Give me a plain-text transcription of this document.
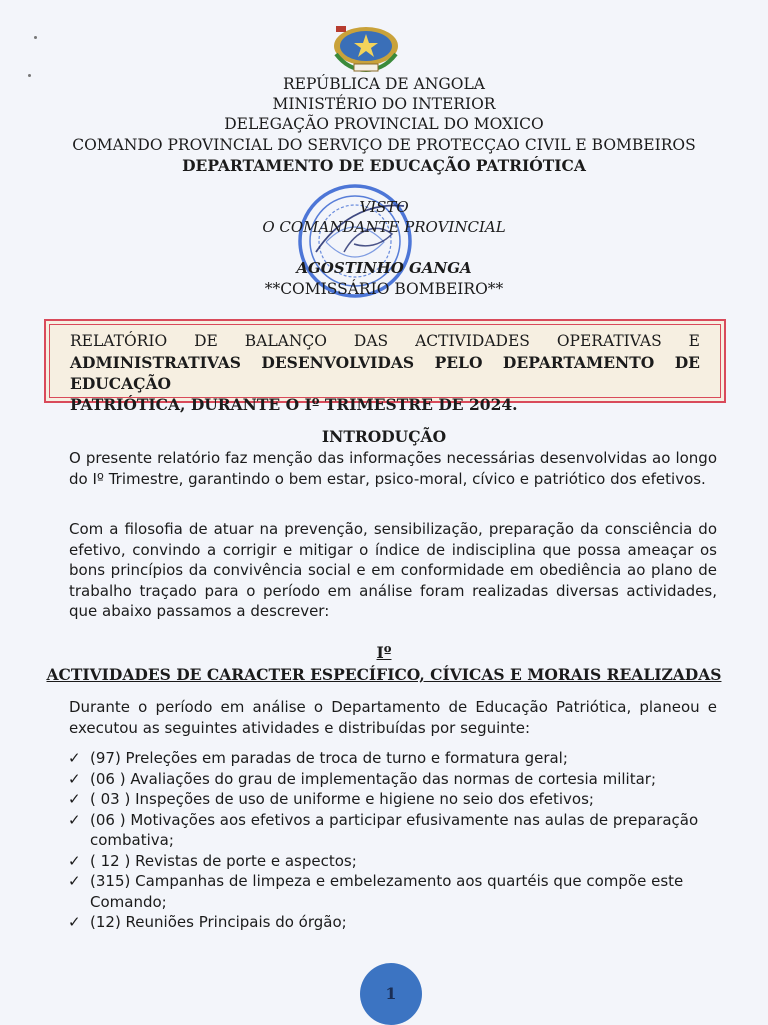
REPÚBLICA DE ANGOLA
MINISTÉRIO DO INTERIOR
DELEGAÇÃO PROVINCIAL DO MOXICO
COMANDO PROVINCIAL DO SERVIÇO DE PROTECÇAO CIVIL E BOMBEIROS
DEPARTAMENTO DE EDUCAÇÃO PATRIÓTICA
VISTO
O COMANDANTE PROVINCIAL
AGOSTINHO GANGA
**COMISSÁRIO BOMBEIRO**
RELATÓRIO DE BALANÇO DAS ACTIVIDADES OPERATIVAS E
ADMINISTRATIVAS DESENVOLVIDAS PELO DEPARTAMENTO DE EDUCAÇÃO
PATRIÓTICA, DURANTE O Iº TRIMESTRE DE 2024.
INTRODUÇÃO
O presente relatório faz menção das informações necessárias desenvolvidas ao longo do Iº Trimestre, garantindo o bem estar, psico-moral, cívico e patriótico dos efetivos.
Com a filosofia de atuar na prevenção, sensibilização, preparação da consciência do efetivo, convindo a corrigir e mitigar o índice de indisciplina que possa ameaçar os bons princípios da convivência social e em conformidade em obediência ao plano de trabalho traçado para o período em análise foram realizadas diversas actividades, que abaixo passamos a descrever:
Iº
ACTIVIDADES DE CARACTER ESPECÍFICO, CÍVICAS E MORAIS REALIZADAS
Durante o período em análise o Departamento de Educação Patriótica, planeou e executou as seguintes atividades e distribuídas por seguinte:
✓ (97) Preleções em paradas de troca de turno e formatura geral;
✓ (06 ) Avaliações do grau de implementação das normas de cortesia militar;
✓ ( 03 ) Inspeções de uso de uniforme e higiene no seio dos efetivos;
✓ (06 ) Motivações aos efetivos a participar efusivamente nas aulas de preparação combativa;
✓ ( 12 ) Revistas de porte e aspectos;
✓ (315) Campanhas de limpeza e embelezamento aos quartéis que compõe este Comando;
✓ (12) Reuniões Principais do órgão;
1
